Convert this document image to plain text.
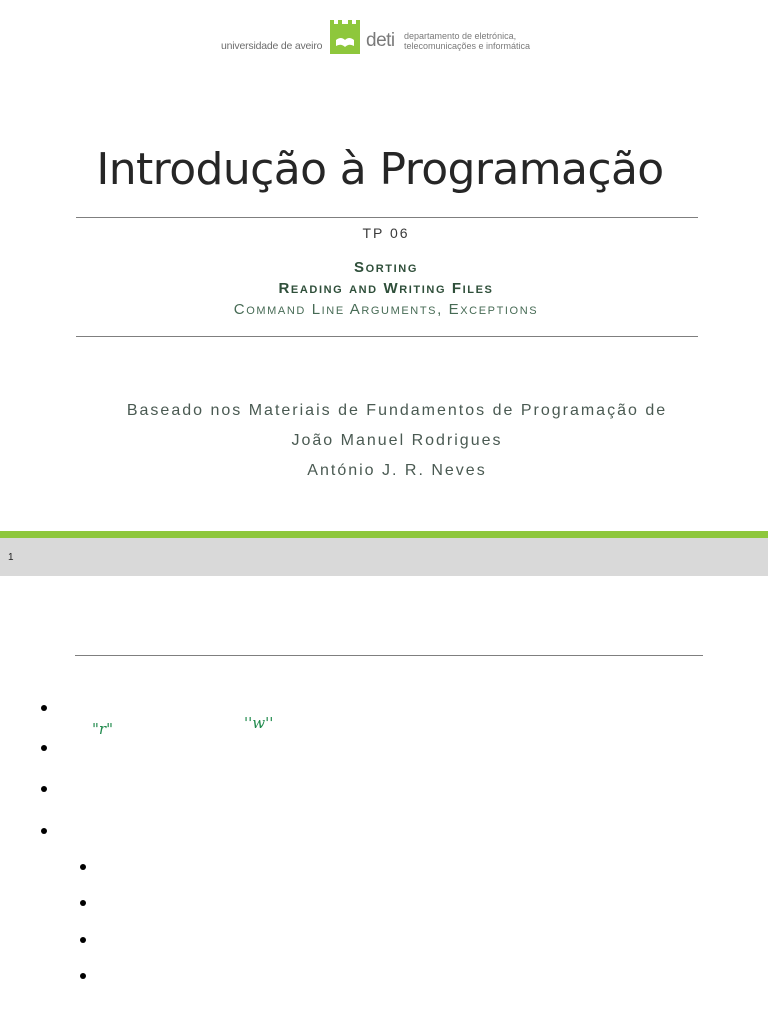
universidade de aveiro deti departamento de eletrónica,
telecomunicações e informática
Introdução à Programação
TP 06
Sorting
Reading and Writing Files
Command Line Arguments, Exceptions
Baseado nos Materiais de Fundamentos de Programação de
João Manuel Rodrigues
António J. R. Neves
1
"r"	''w''
